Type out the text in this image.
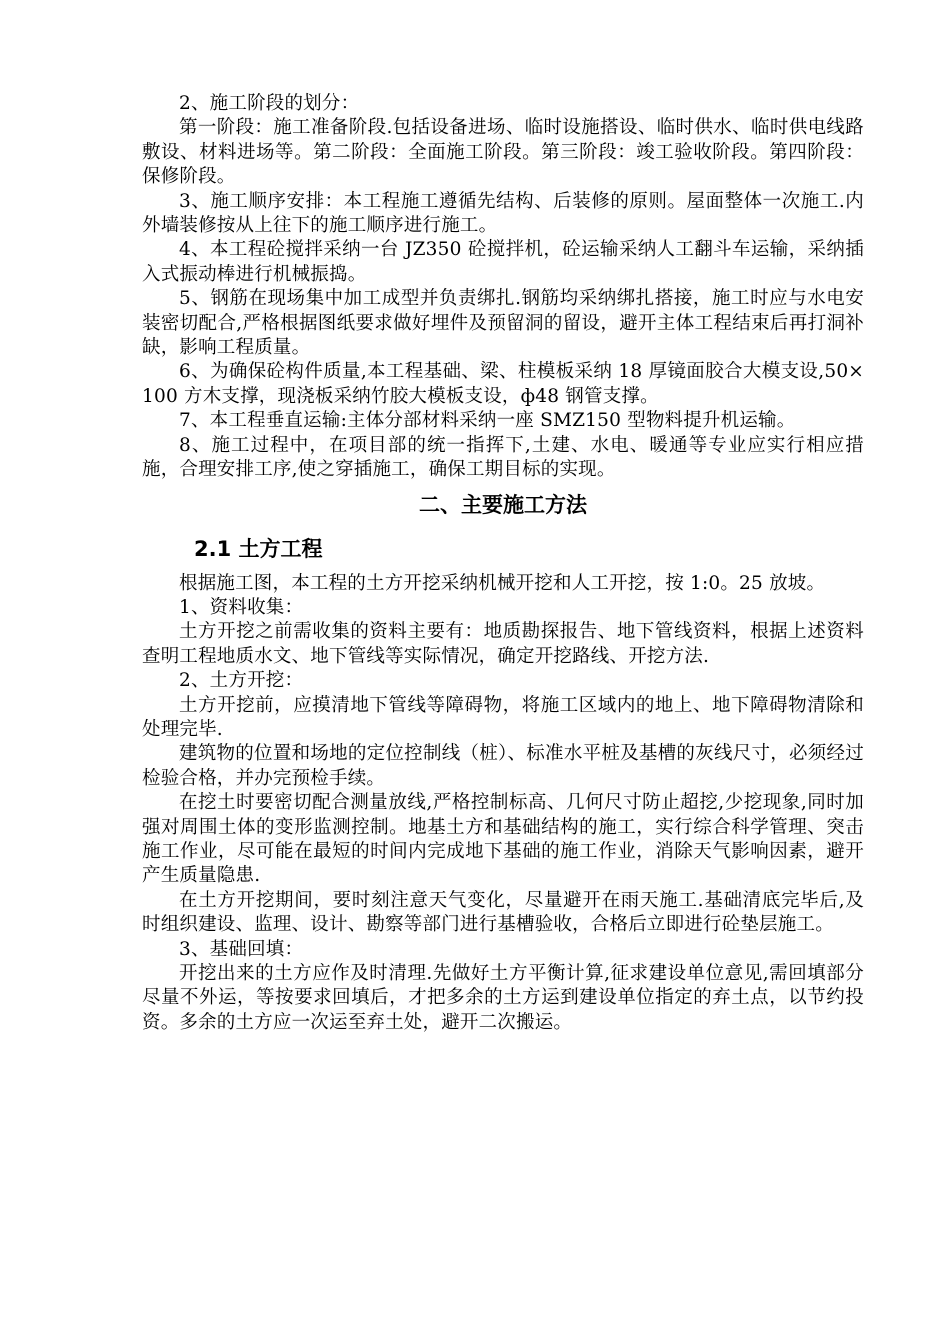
2、施工阶段的划分：

第一阶段：施工准备阶段.包括设备进场、临时设施搭设、临时供水、临时供电线路敷设、材料进场等。第二阶段：全面施工阶段。第三阶段：竣工验收阶段。第四阶段：保修阶段。

3、施工顺序安排：本工程施工遵循先结构、后装修的原则。屋面整体一次施工.内外墙装修按从上往下的施工顺序进行施工。

4、本工程砼搅拌采纳一台 JZ350 砼搅拌机，砼运输采纳人工翻斗车运输，采纳插入式振动棒进行机械振捣。

5、钢筋在现场集中加工成型并负责绑扎.钢筋均采纳绑扎搭接，施工时应与水电安装密切配合,严格根据图纸要求做好埋件及预留洞的留设，避开主体工程结束后再打洞补缺，影响工程质量。

6、为确保砼构件质量,本工程基础、梁、柱模板采纳 18 厚镜面胶合大模支设,50×100 方木支撑，现浇板采纳竹胶大模板支设，ф48 钢管支撑。

7、本工程垂直运输:主体分部材料采纳一座 SMZ150 型物料提升机运输。

8、施工过程中，在项目部的统一指挥下,土建、水电、暖通等专业应实行相应措施，合理安排工序,使之穿插施工，确保工期目标的实现。

二、主要施工方法
2.1 土方工程

根据施工图，本工程的土方开挖采纳机械开挖和人工开挖，按 1:0。25 放坡。

1、资料收集：

土方开挖之前需收集的资料主要有：地质勘探报告、地下管线资料，根据上述资料查明工程地质水文、地下管线等实际情况，确定开挖路线、开挖方法.

2、土方开挖：

土方开挖前，应摸清地下管线等障碍物，将施工区域内的地上、地下障碍物清除和处理完毕.

建筑物的位置和场地的定位控制线（桩）、标准水平桩及基槽的灰线尺寸，必须经过检验合格，并办完预检手续。

在挖土时要密切配合测量放线,严格控制标高、几何尺寸防止超挖,少挖现象,同时加强对周围土体的变形监测控制。地基土方和基础结构的施工，实行综合科学管理、突击施工作业，尽可能在最短的时间内完成地下基础的施工作业，消除天气影响因素，避开产生质量隐患.

在土方开挖期间，要时刻注意天气变化，尽量避开在雨天施工.基础清底完毕后,及时组织建设、监理、设计、勘察等部门进行基槽验收，合格后立即进行砼垫层施工。

3、基础回填：

开挖出来的土方应作及时清理.先做好土方平衡计算,征求建设单位意见,需回填部分尽量不外运，等按要求回填后，才把多余的土方运到建设单位指定的弃土点，以节约投资。多余的土方应一次运至弃土处，避开二次搬运。
